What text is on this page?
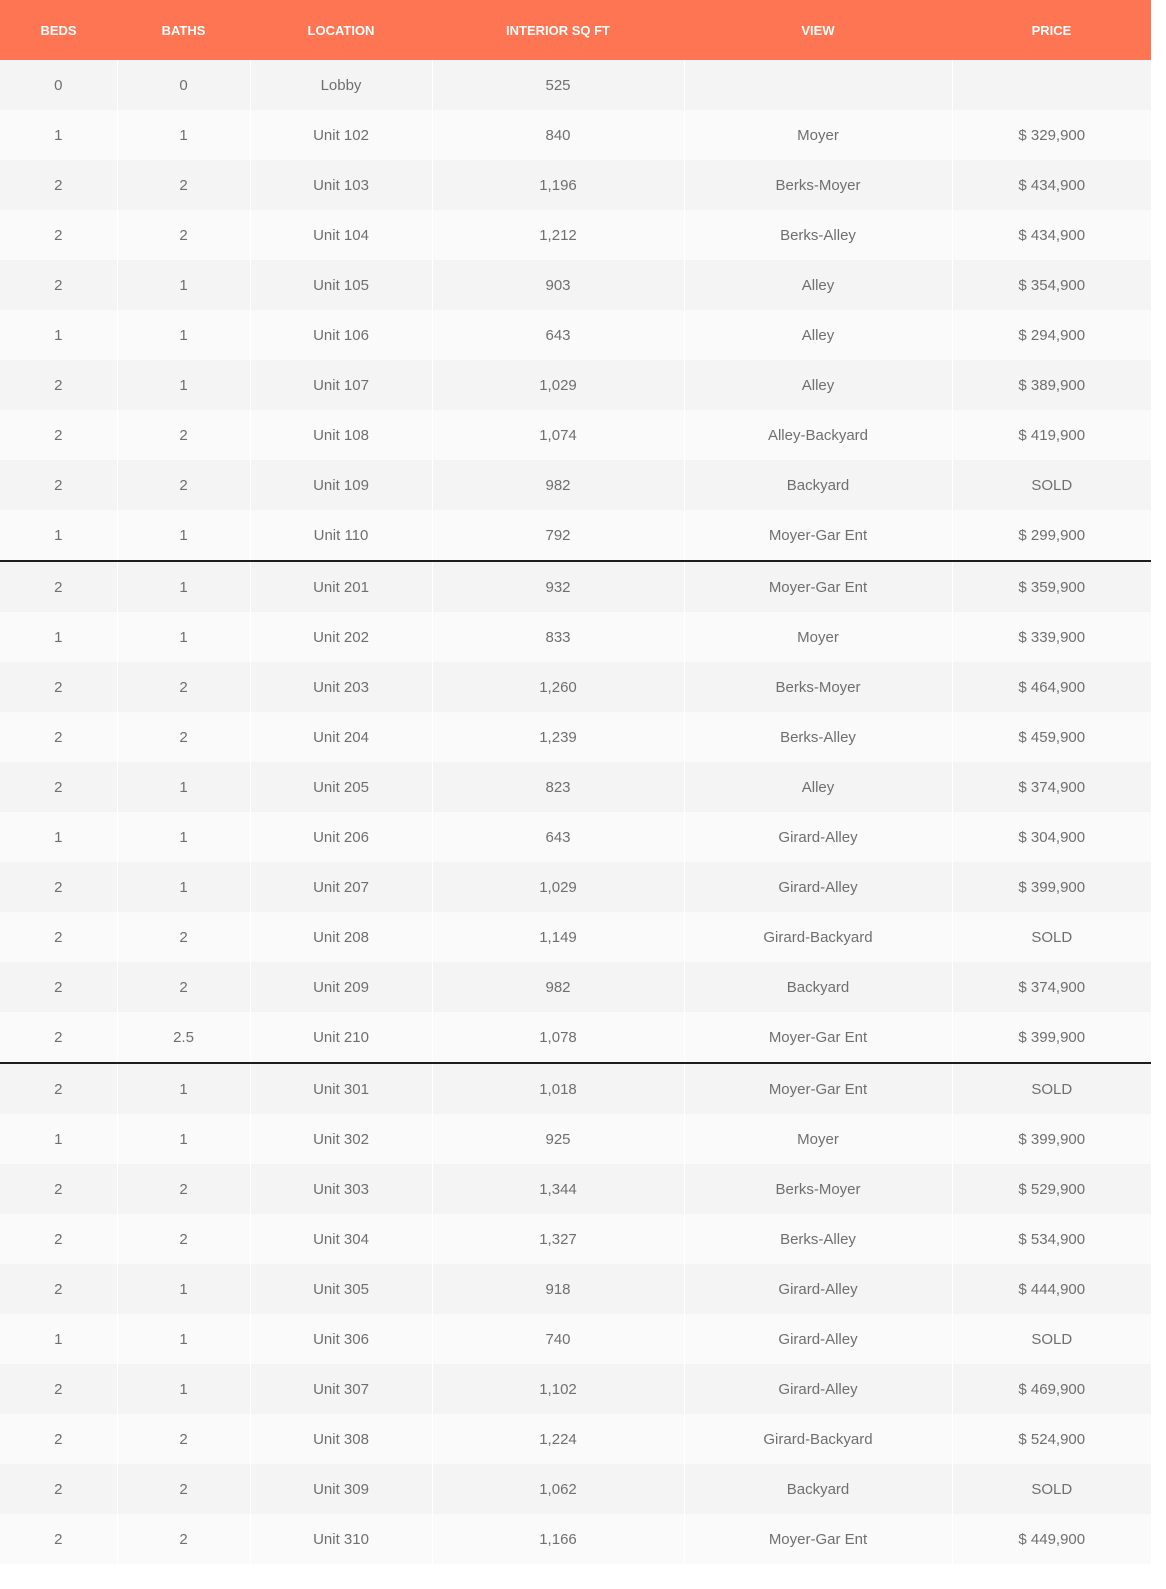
BEDS	BATHS	LOCATION	INTERIOR SQ FT	VIEW	PRICE
0	0	Lobby	525		
1	1	Unit 102	840	Moyer	$ 329,900
2	2	Unit 103	1,196	Berks-Moyer	$ 434,900
2	2	Unit 104	1,212	Berks-Alley	$ 434,900
2	1	Unit 105	903	Alley	$ 354,900
1	1	Unit 106	643	Alley	$ 294,900
2	1	Unit 107	1,029	Alley	$ 389,900
2	2	Unit 108	1,074	Alley-Backyard	$ 419,900
2	2	Unit 109	982	Backyard	SOLD
1	1	Unit 110	792	Moyer-Gar Ent	$ 299,900
2	1	Unit 201	932	Moyer-Gar Ent	$ 359,900
1	1	Unit 202	833	Moyer	$ 339,900
2	2	Unit 203	1,260	Berks-Moyer	$ 464,900
2	2	Unit 204	1,239	Berks-Alley	$ 459,900
2	1	Unit 205	823	Alley	$ 374,900
1	1	Unit 206	643	Girard-Alley	$ 304,900
2	1	Unit 207	1,029	Girard-Alley	$ 399,900
2	2	Unit 208	1,149	Girard-Backyard	SOLD
2	2	Unit 209	982	Backyard	$ 374,900
2	2.5	Unit 210	1,078	Moyer-Gar Ent	$ 399,900
2	1	Unit 301	1,018	Moyer-Gar Ent	SOLD
1	1	Unit 302	925	Moyer	$ 399,900
2	2	Unit 303	1,344	Berks-Moyer	$ 529,900
2	2	Unit 304	1,327	Berks-Alley	$ 534,900
2	1	Unit 305	918	Girard-Alley	$ 444,900
1	1	Unit 306	740	Girard-Alley	SOLD
2	1	Unit 307	1,102	Girard-Alley	$ 469,900
2	2	Unit 308	1,224	Girard-Backyard	$ 524,900
2	2	Unit 309	1,062	Backyard	SOLD
2	2	Unit 310	1,166	Moyer-Gar Ent	$ 449,900
